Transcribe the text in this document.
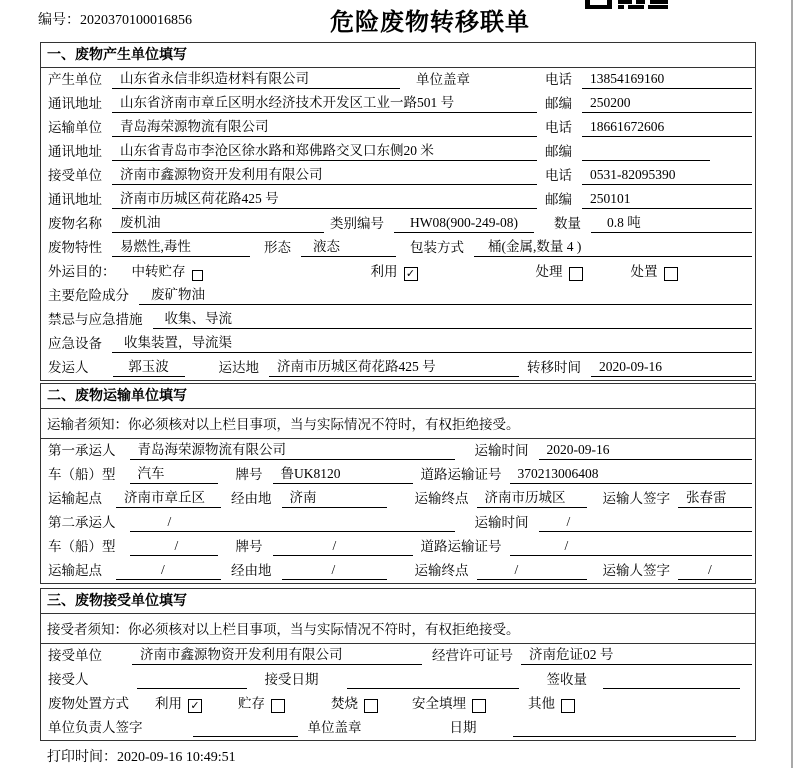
编号：2020370100016856	危险废物转移联单
一、废物产生单位填写
产生单位	山东省永信非织造材料有限公司	单位盖章	电话	13854169160
通讯地址	山东省济南市章丘区明水经济技术开发区工业一路501 号	邮编	250200
运输单位	青岛海荣源物流有限公司	电话	18661672606
通讯地址	山东省青岛市李沧区徐水路和郑佛路交叉口东侧20 米	邮编
接受单位	济南市鑫源物资开发利用有限公司	电话	0531-82095390
通讯地址	济南市历城区荷花路425 号	邮编	250101
废物名称	废机油	类别编号	HW08(900-249-08)	数量	0.8 吨
废物特性	易燃性,毒性	形态	液态	包装方式	桶(金属,数量 4 )
外运目的： 中转贮存	利用 ✓	处理	处置
主要危险成分	废矿物油
禁忌与应急措施	收集、导流
应急设备	收集装置，导流渠
发运人	郭玉波	运达地	济南市历城区荷花路425 号	转移时间	2020-09-16
二、废物运输单位填写
运输者须知：你必须核对以上栏目事项，当与实际情况不符时，有权拒绝接受。
第一承运人	青岛海荣源物流有限公司	运输时间	2020-09-16
车（船）型	汽车	牌号	鲁UK8120	道路运输证号	370213006408
运输起点	济南市章丘区	经由地	济南	运输终点	济南市历城区	运输人签字	张春雷
第二承运人	/	运输时间	/
车（船）型	/	牌号	/	道路运输证号	/
运输起点	/	经由地	/	运输终点	/	运输人签字	/
三、废物接受单位填写
接受者须知：你必须核对以上栏目事项，当与实际情况不符时，有权拒绝接受。
接受单位	济南市鑫源物资开发利用有限公司	经营许可证号	济南危证02 号
接受人	接受日期	签收量
废物处置方式 利用 ✓	贮存	焚烧	安全填埋	其他
单位负责人签字	单位盖章	日期
打印时间：2020-09-16 10:49:51
